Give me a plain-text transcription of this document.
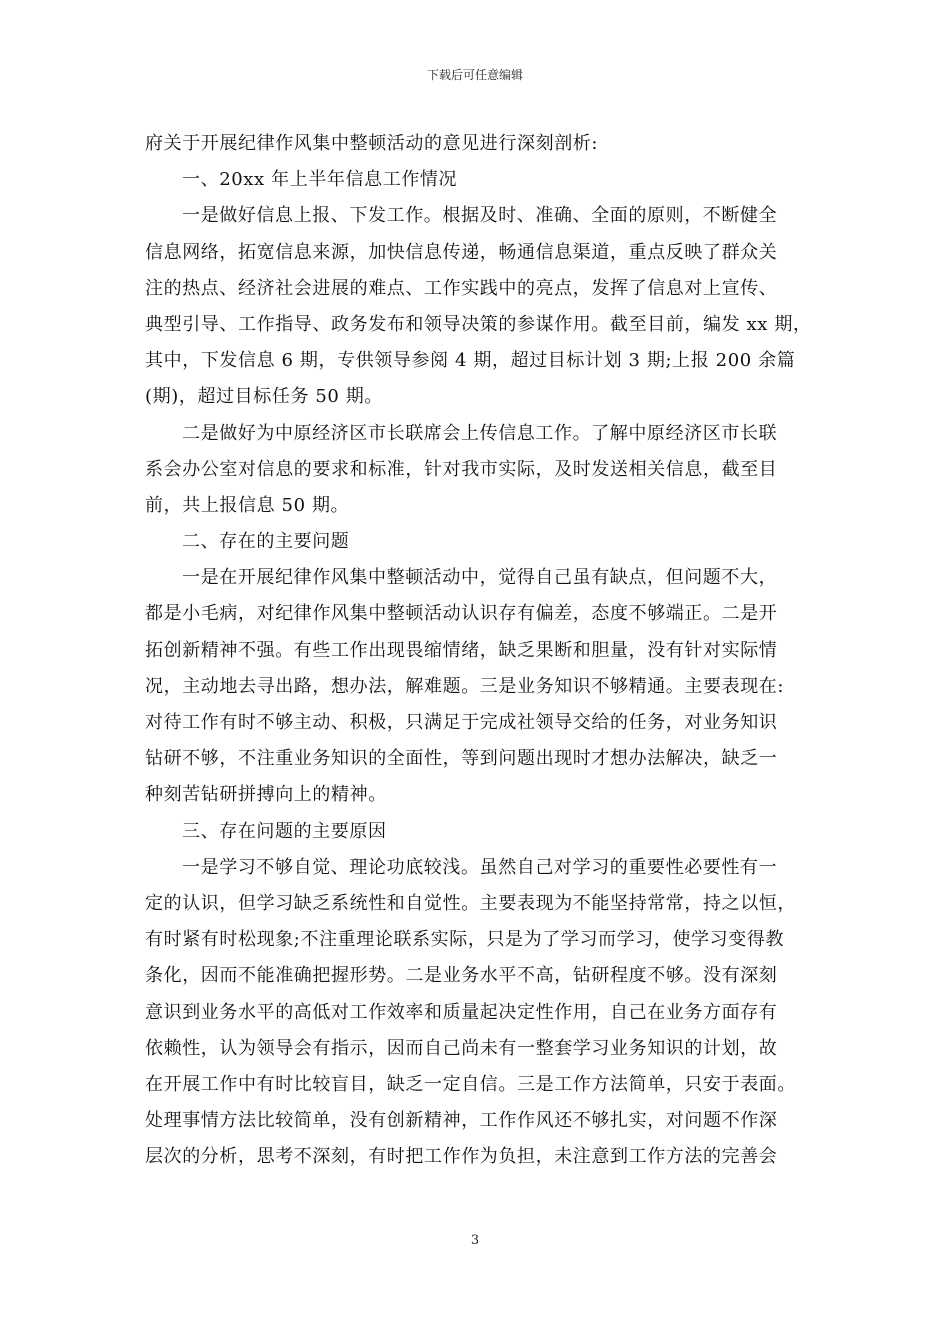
下载后可任意编辑
府关于开展纪律作风集中整顿活动的意见进行深刻剖析:
一、20xx 年上半年信息工作情况
一是做好信息上报、下发工作。根据及时、准确、全面的原则，不断健全
信息网络，拓宽信息来源，加快信息传递，畅通信息渠道，重点反映了群众关
注的热点、经济社会进展的难点、工作实践中的亮点，发挥了信息对上宣传、
典型引导、工作指导、政务发布和领导决策的参谋作用。截至目前，编发 xx 期，
其中，下发信息 6 期，专供领导参阅 4 期，超过目标计划 3 期;上报 200 余篇
(期)，超过目标任务 50 期。
二是做好为中原经济区市长联席会上传信息工作。了解中原经济区市长联
系会办公室对信息的要求和标准，针对我市实际，及时发送相关信息，截至目
前，共上报信息 50 期。
二、存在的主要问题
一是在开展纪律作风集中整顿活动中，觉得自己虽有缺点，但问题不大，
都是小毛病，对纪律作风集中整顿活动认识存有偏差，态度不够端正。二是开
拓创新精神不强。有些工作出现畏缩情绪，缺乏果断和胆量，没有针对实际情
况，主动地去寻出路，想办法，解难题。三是业务知识不够精通。主要表现在:
对待工作有时不够主动、积极，只满足于完成社领导交给的任务，对业务知识
钻研不够，不注重业务知识的全面性，等到问题出现时才想办法解决，缺乏一
种刻苦钻研拼搏向上的精神。
三、存在问题的主要原因
一是学习不够自觉、理论功底较浅。虽然自己对学习的重要性必要性有一
定的认识，但学习缺乏系统性和自觉性。主要表现为不能坚持常常，持之以恒，
有时紧有时松现象;不注重理论联系实际，只是为了学习而学习，使学习变得教
条化，因而不能准确把握形势。二是业务水平不高，钻研程度不够。没有深刻
意识到业务水平的高低对工作效率和质量起决定性作用，自己在业务方面存有
依赖性，认为领导会有指示，因而自己尚未有一整套学习业务知识的计划，故
在开展工作中有时比较盲目，缺乏一定自信。三是工作方法简单，只安于表面。
处理事情方法比较简单，没有创新精神，工作作风还不够扎实，对问题不作深
层次的分析，思考不深刻，有时把工作作为负担，未注意到工作方法的完善会
3
